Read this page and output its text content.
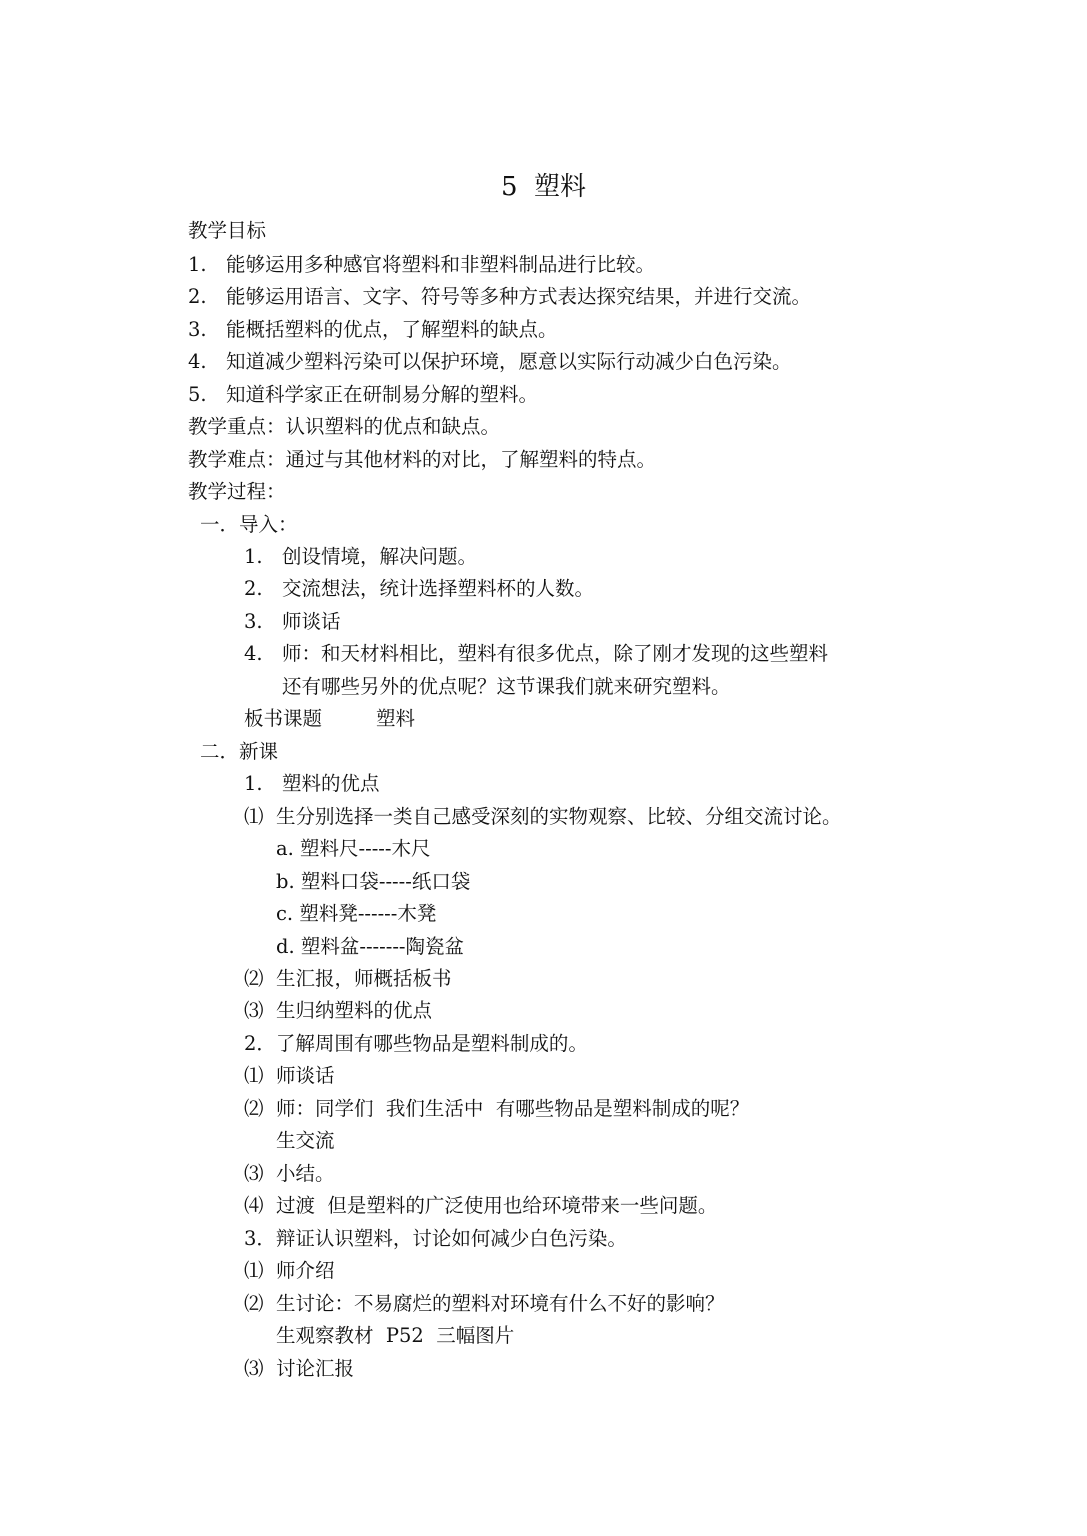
5  塑料
教学目标
1. 能够运用多种感官将塑料和非塑料制品进行比较。
2. 能够运用语言、文字、符号等多种方式表达探究结果，并进行交流。
3. 能概括塑料的优点，了解塑料的缺点。
4. 知道减少塑料污染可以保护环境，愿意以实际行动减少白色污染。
5. 知道科学家正在研制易分解的塑料。
教学重点：认识塑料的优点和缺点。
教学难点：通过与其他材料的对比，了解塑料的特点。
教学过程：
一．导入：
1. 创设情境，解决问题。
2. 交流想法，统计选择塑料杯的人数。
3. 师谈话
4. 师：和天材料相比，塑料有很多优点，除了刚才发现的这些塑料
还有哪些另外的优点呢？这节课我们就来研究塑料。
板书课题	塑料
二．新课
1. 塑料的优点
⑴ 生分别选择一类自己感受深刻的实物观察、比较、分组交流讨论。
a. 塑料尺-----木尺
b. 塑料口袋-----纸口袋
c. 塑料凳------木凳
d. 塑料盆-------陶瓷盆
⑵ 生汇报，师概括板书
⑶ 生归纳塑料的优点
2．了解周围有哪些物品是塑料制成的。
⑴ 师谈话
⑵ 师：同学们  我们生活中  有哪些物品是塑料制成的呢？
生交流
⑶ 小结。
⑷ 过渡  但是塑料的广泛使用也给环境带来一些问题。
3．辩证认识塑料，讨论如何减少白色污染。
⑴ 师介绍
⑵ 生讨论：不易腐烂的塑料对环境有什么不好的影响？
生观察教材  P52  三幅图片
⑶ 讨论汇报
